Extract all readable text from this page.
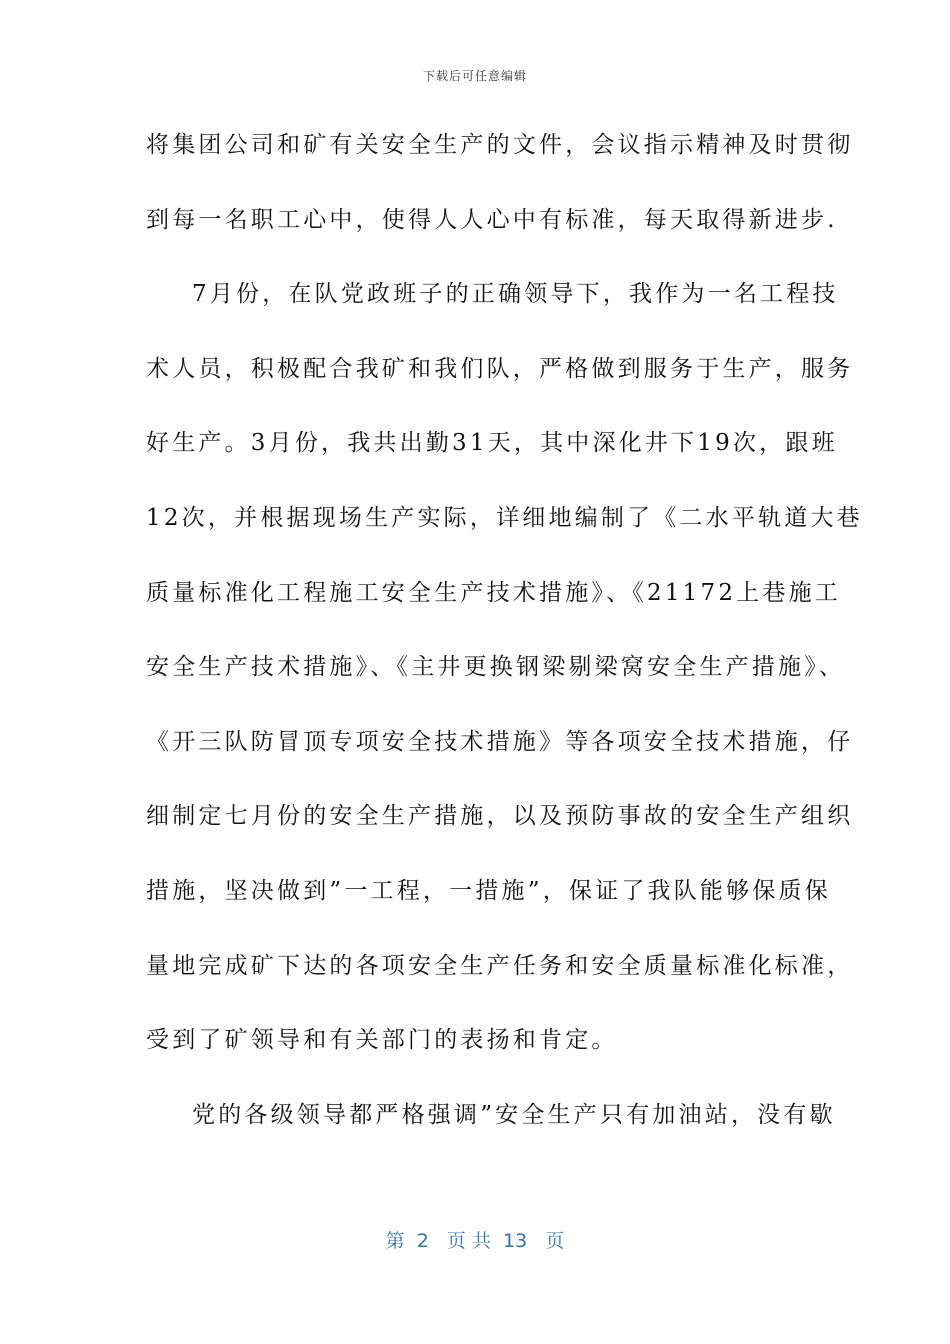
下载后可任意编辑
将集团公司和矿有关安全生产的文件，会议指示精神及时贯彻
到每一名职工心中，使得人人心中有标准，每天取得新进步.
7月份，在队党政班子的正确领导下，我作为一名工程技
术人员，积极配合我矿和我们队，严格做到服务于生产，服务
好生产。3月份，我共出勤31天，其中深化井下19次，跟班
12次，并根据现场生产实际，详细地编制了《二水平轨道大巷
质量标准化工程施工安全生产技术措施》、《21172上巷施工
安全生产技术措施》、《主井更换钢梁剔梁窝安全生产措施》、
《开三队防冒顶专项安全技术措施》等各项安全技术措施，仔
细制定七月份的安全生产措施，以及预防事故的安全生产组织
措施，坚决做到”一工程，一措施”，保证了我队能够保质保
量地完成矿下达的各项安全生产任务和安全质量标准化标准，
受到了矿领导和有关部门的表扬和肯定。
党的各级领导都严格强调”安全生产只有加油站，没有歇
第  2   页 共  13   页
